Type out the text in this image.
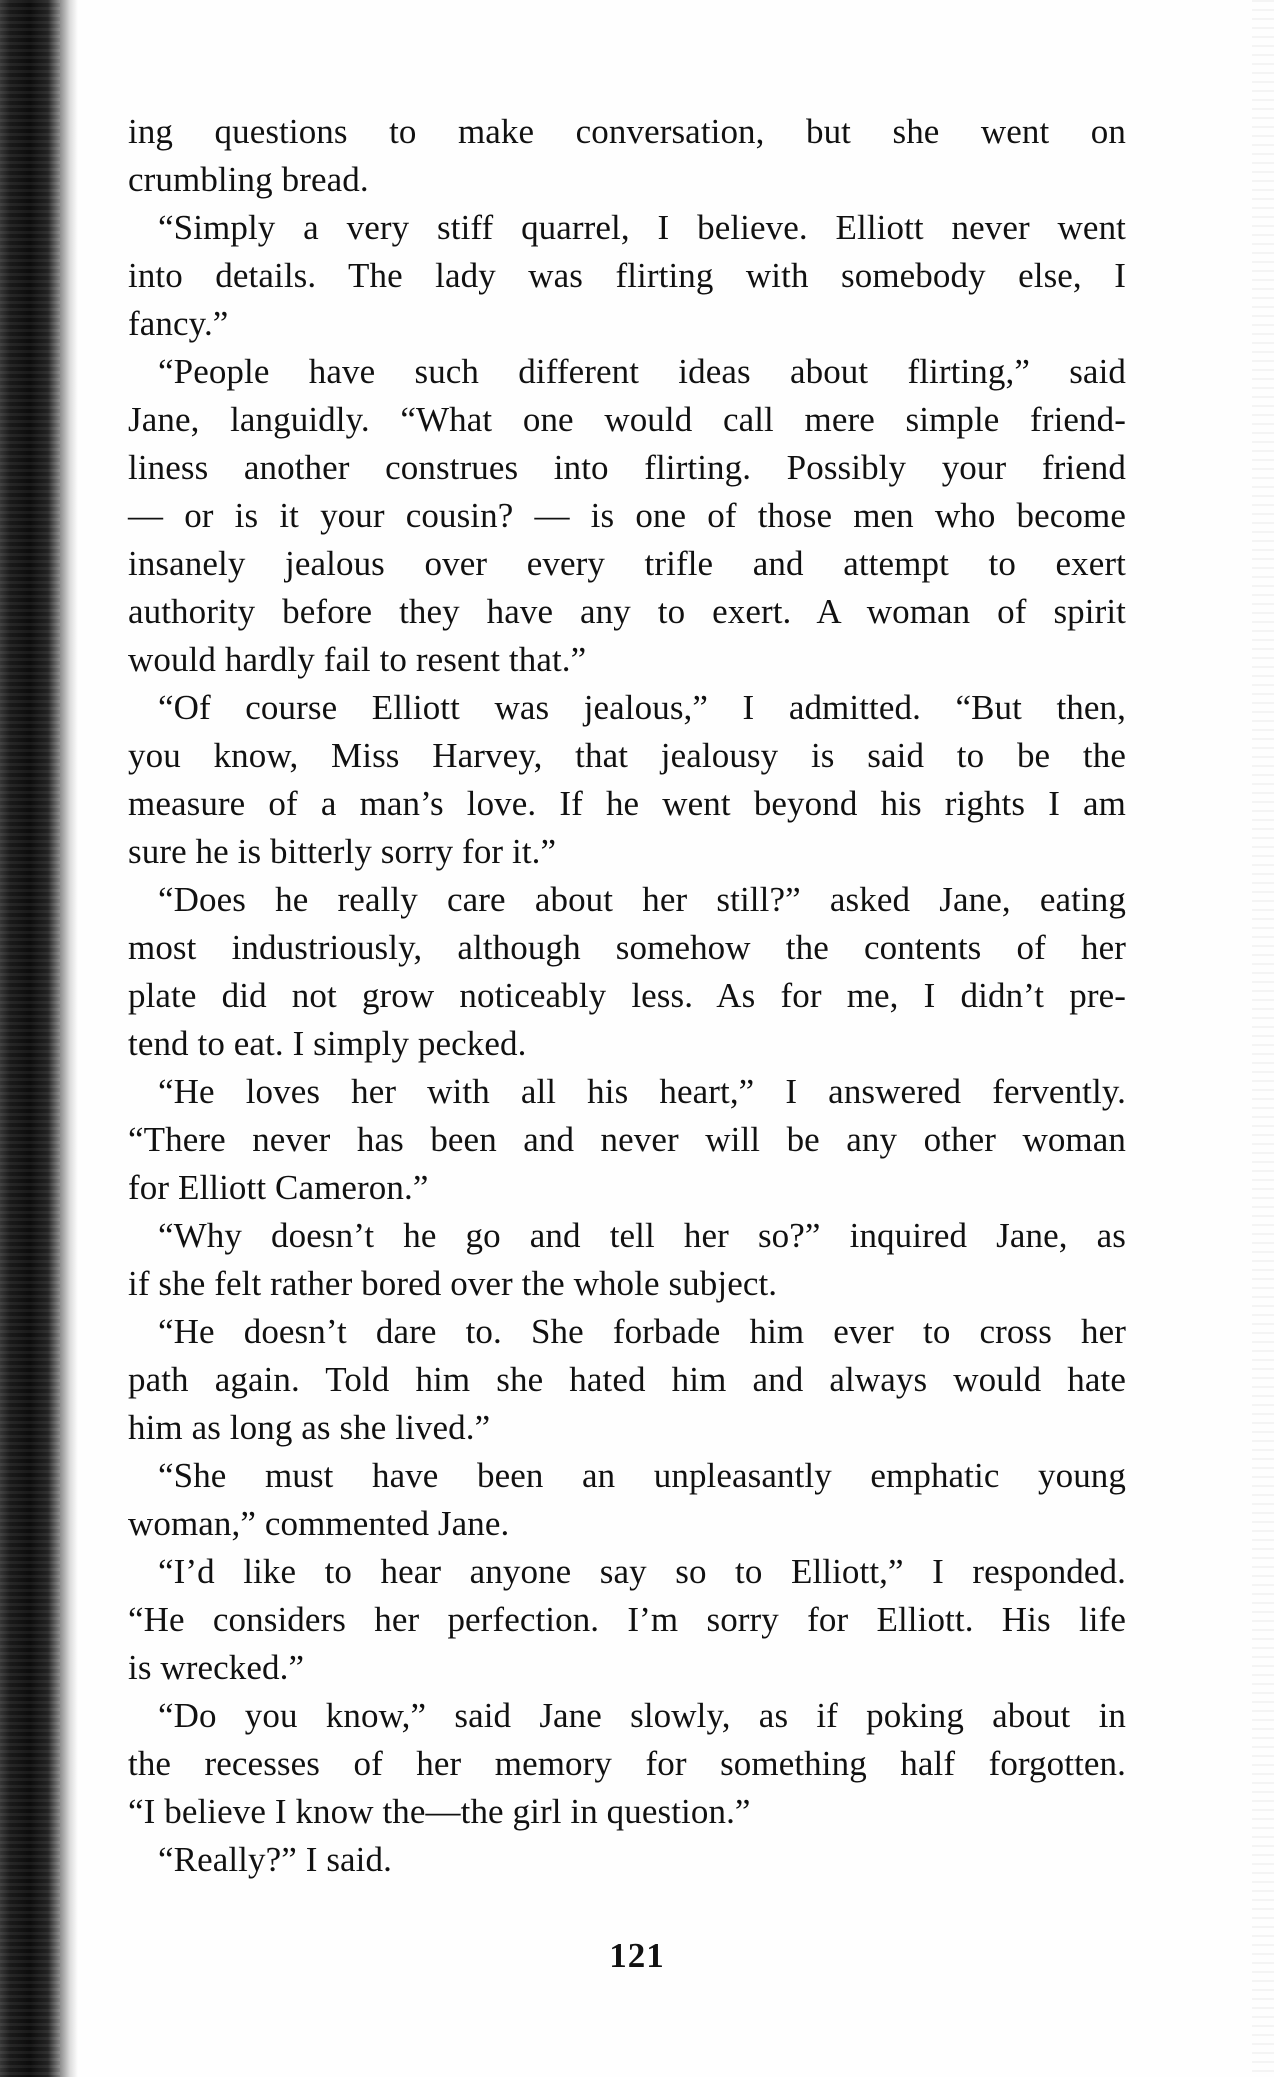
ing questions to make conversation, but she went on
crumbling bread.
“Simply a very stiff quarrel, I believe. Elliott never went
into details. The lady was flirting with somebody else, I
fancy.”
“People have such different ideas about flirting,” said
Jane, languidly. “What one would call mere simple friend-
liness another construes into flirting. Possibly your friend
— or is it your cousin? — is one of those men who become
insanely jealous over every trifle and attempt to exert
authority before they have any to exert. A woman of spirit
would hardly fail to resent that.”
“Of course Elliott was jealous,” I admitted. “But then,
you know, Miss Harvey, that jealousy is said to be the
measure of a man’s love. If he went beyond his rights I am
sure he is bitterly sorry for it.”
“Does he really care about her still?” asked Jane, eating
most industriously, although somehow the contents of her
plate did not grow noticeably less. As for me, I didn’t pre-
tend to eat. I simply pecked.
“He loves her with all his heart,” I answered fervently.
“There never has been and never will be any other woman
for Elliott Cameron.”
“Why doesn’t he go and tell her so?” inquired Jane, as
if she felt rather bored over the whole subject.
“He doesn’t dare to. She forbade him ever to cross her
path again. Told him she hated him and always would hate
him as long as she lived.”
“She must have been an unpleasantly emphatic young
woman,” commented Jane.
“I’d like to hear anyone say so to Elliott,” I responded.
“He considers her perfection. I’m sorry for Elliott. His life
is wrecked.”
“Do you know,” said Jane slowly, as if poking about in
the recesses of her memory for something half forgotten.
“I believe I know the—the girl in question.”
“Really?” I said.
121
